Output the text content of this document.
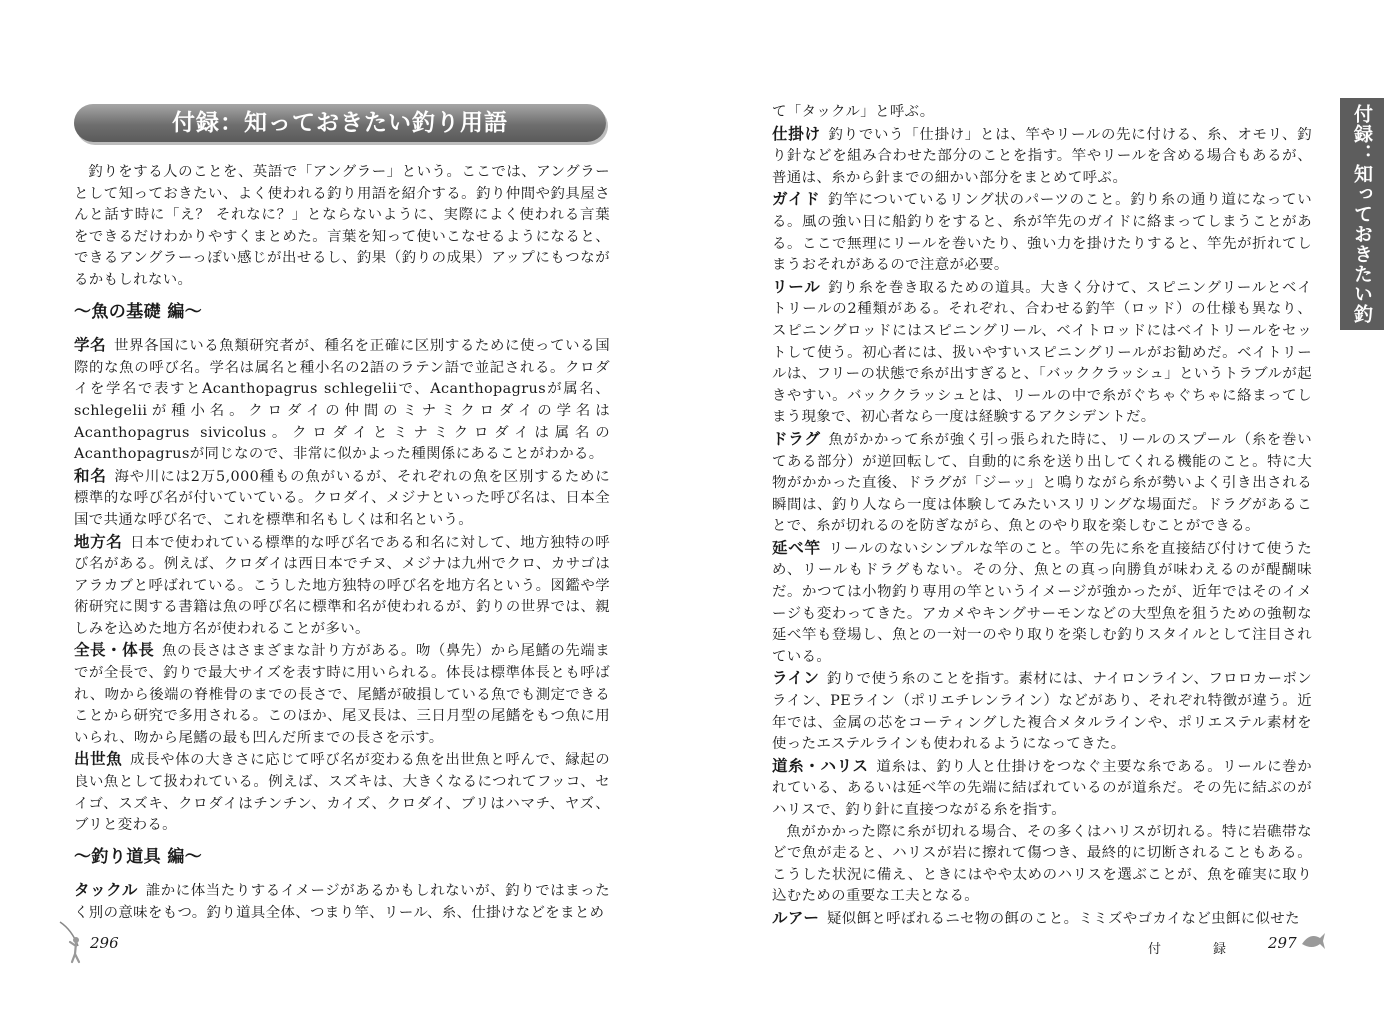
付録：知っておきたい釣り用語

釣りをする人のことを、英語で「アングラー」という。ここでは、アングラーとして知っておきたい、よく使われる釣り用語を紹介する。釣り仲間や釣具屋さんと話す時に「え？ それなに？」とならないように、実際によく使われる言葉をできるだけわかりやすくまとめた。言葉を知って使いこなせるようになると、できるアングラーっぽい感じが出せるし、釣果（釣りの成果）アップにもつながるかもしれない。

〜魚の基礎 編〜

学名 世界各国にいる魚類研究者が、種名を正確に区別するために使っている国際的な魚の呼び名。学名は属名と種小名の2語のラテン語で並記される。クロダイを学名で表すとAcanthopagrus schlegeliiで、Acanthopagrusが属名、schlegeliiが種小名。クロダイの仲間のミナミクロダイの学名はAcanthopagrus sivicolus。クロダイとミナミクロダイは属名のAcanthopagrusが同じなので、非常に似かよった種関係にあることがわかる。

和名 海や川には2万5,000種もの魚がいるが、それぞれの魚を区別するために標準的な呼び名が付いていている。クロダイ、メジナといった呼び名は、日本全国で共通な呼び名で、これを標準和名もしくは和名という。

地方名 日本で使われている標準的な呼び名である和名に対して、地方独特の呼び名がある。例えば、クロダイは西日本でチヌ、メジナは九州でクロ、カサゴはアラカブと呼ばれている。こうした地方独特の呼び名を地方名という。図鑑や学術研究に関する書籍は魚の呼び名に標準和名が使われるが、釣りの世界では、親しみを込めた地方名が使われることが多い。

全長・体長 魚の長さはさまざまな計り方がある。吻（鼻先）から尾鰭の先端までが全長で、釣りで最大サイズを表す時に用いられる。体長は標準体長とも呼ばれ、吻から後端の脊椎骨のまでの長さで、尾鰭が破損している魚でも測定できることから研究で多用される。このほか、尾叉長は、三日月型の尾鰭をもつ魚に用いられ、吻から尾鰭の最も凹んだ所までの長さを示す。

出世魚 成長や体の大きさに応じて呼び名が変わる魚を出世魚と呼んで、縁起の良い魚として扱われている。例えば、スズキは、大きくなるにつれてフッコ、セイゴ、スズキ、クロダイはチンチン、カイズ、クロダイ、ブリはハマチ、ヤズ、ブリと変わる。

〜釣り道具 編〜

タックル 誰かに体当たりするイメージがあるかもしれないが、釣りではまったく別の意味をもつ。釣り道具全体、つまり竿、リール、糸、仕掛けなどをまとめ

296

て「タックル」と呼ぶ。

仕掛け 釣りでいう「仕掛け」とは、竿やリールの先に付ける、糸、オモリ、釣り針などを組み合わせた部分のことを指す。竿やリールを含める場合もあるが、普通は、糸から針までの細かい部分をまとめて呼ぶ。

ガイド 釣竿についているリング状のパーツのこと。釣り糸の通り道になっている。風の強い日に船釣りをすると、糸が竿先のガイドに絡まってしまうことがある。ここで無理にリールを巻いたり、強い力を掛けたりすると、竿先が折れてしまうおそれがあるので注意が必要。

リール 釣り糸を巻き取るための道具。大きく分けて、スピニングリールとベイトリールの2種類がある。それぞれ、合わせる釣竿（ロッド）の仕様も異なり、スピニングロッドにはスピニングリール、ベイトロッドにはベイトリールをセットして使う。初心者には、扱いやすいスピニングリールがお勧めだ。ベイトリールは、フリーの状態で糸が出すぎると、「バッククラッシュ」というトラブルが起きやすい。バッククラッシュとは、リールの中で糸がぐちゃぐちゃに絡まってしまう現象で、初心者なら一度は経験するアクシデントだ。

ドラグ 魚がかかって糸が強く引っ張られた時に、リールのスプール（糸を巻いてある部分）が逆回転して、自動的に糸を送り出してくれる機能のこと。特に大物がかかった直後、ドラグが「ジーッ」と鳴りながら糸が勢いよく引き出される瞬間は、釣り人なら一度は体験してみたいスリリングな場面だ。ドラグがあることで、糸が切れるのを防ぎながら、魚とのやり取を楽しむことができる。

延べ竿 リールのないシンプルな竿のこと。竿の先に糸を直接結び付けて使うため、リールもドラグもない。その分、魚との真っ向勝負が味わえるのが醍醐味だ。かつては小物釣り専用の竿というイメージが強かったが、近年ではそのイメージも変わってきた。アカメやキングサーモンなどの大型魚を狙うための強靭な延べ竿も登場し、魚との一対一のやり取りを楽しむ釣りスタイルとして注目されている。

ライン 釣りで使う糸のことを指す。素材には、ナイロンライン、フロロカーボンライン、PEライン（ポリエチレンライン）などがあり、それぞれ特徴が違う。近年では、金属の芯をコーティングした複合メタルラインや、ポリエステル素材を使ったエステルラインも使われるようになってきた。

道糸・ハリス 道糸は、釣り人と仕掛けをつなぐ主要な糸である。リールに巻かれている、あるいは延べ竿の先端に結ばれているのが道糸だ。その先に結ぶのがハリスで、釣り針に直接つながる糸を指す。

魚がかかった際に糸が切れる場合、その多くはハリスが切れる。特に岩礁帯などで魚が走ると、ハリスが岩に擦れて傷つき、最終的に切断されることもある。こうした状況に備え、ときにはやや太めのハリスを選ぶことが、魚を確実に取り込むための重要な工夫となる。

ルアー 疑似餌と呼ばれるニセ物の餌のこと。ミミズやゴカイなど虫餌に似せた

付録：知っておきたい釣り用語
付	録	297
